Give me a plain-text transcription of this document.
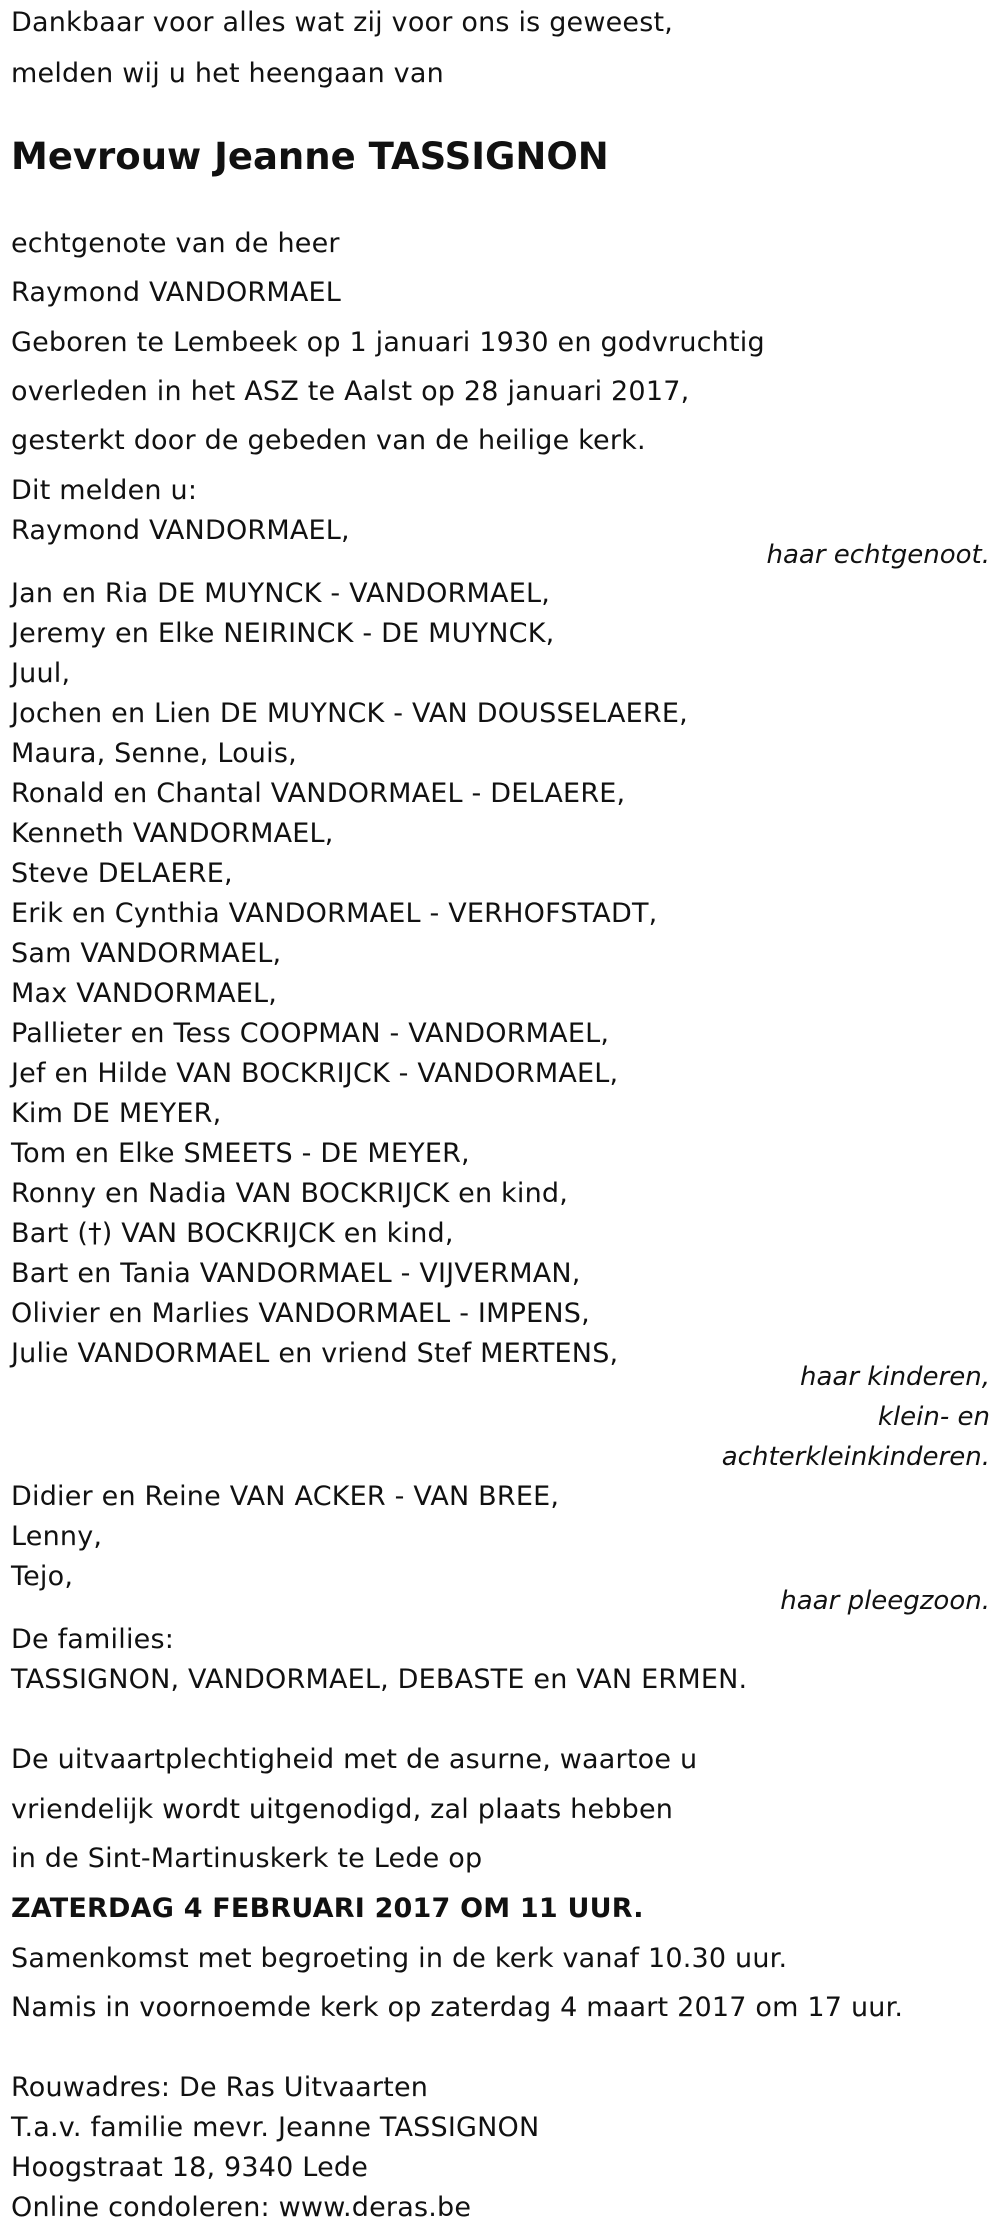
Dankbaar voor alles wat zij voor ons is geweest,
melden wij u het heengaan van
Mevrouw Jeanne TASSIGNON
echtgenote van de heer
Raymond VANDORMAEL
Geboren te Lembeek op 1 januari 1930 en godvruchtig
overleden in het ASZ te Aalst op 28 januari 2017,
gesterkt door de gebeden van de heilige kerk.
Dit melden u:
Raymond VANDORMAEL,
haar echtgenoot.
Jan en Ria DE MUYNCK - VANDORMAEL,
Jeremy en Elke NEIRINCK - DE MUYNCK,
Juul,
Jochen en Lien DE MUYNCK - VAN DOUSSELAERE,
Maura, Senne, Louis,
Ronald en Chantal VANDORMAEL - DELAERE,
Kenneth VANDORMAEL,
Steve DELAERE,
Erik en Cynthia VANDORMAEL - VERHOFSTADT,
Sam VANDORMAEL,
Max VANDORMAEL,
Pallieter en Tess COOPMAN - VANDORMAEL,
Jef en Hilde VAN BOCKRIJCK - VANDORMAEL,
Kim DE MEYER,
Tom en Elke SMEETS - DE MEYER,
Ronny en Nadia VAN BOCKRIJCK en kind,
Bart (†) VAN BOCKRIJCK en kind,
Bart en Tania VANDORMAEL - VIJVERMAN,
Olivier en Marlies VANDORMAEL - IMPENS,
Julie VANDORMAEL en vriend Stef MERTENS,
haar kinderen,
klein- en
achterkleinkinderen.
Didier en Reine VAN ACKER - VAN BREE,
Lenny,
Tejo,
haar pleegzoon.
De families:
TASSIGNON, VANDORMAEL, DEBASTE en VAN ERMEN.
De uitvaartplechtigheid met de asurne, waartoe u
vriendelijk wordt uitgenodigd, zal plaats hebben
in de Sint-Martinuskerk te Lede op
ZATERDAG 4 FEBRUARI 2017 OM 11 UUR.
Samenkomst met begroeting in de kerk vanaf 10.30 uur.
Namis in voornoemde kerk op zaterdag 4 maart 2017 om 17 uur.
Rouwadres: De Ras Uitvaarten
T.a.v. familie mevr. Jeanne TASSIGNON
Hoogstraat 18, 9340 Lede
Online condoleren: www.deras.be
